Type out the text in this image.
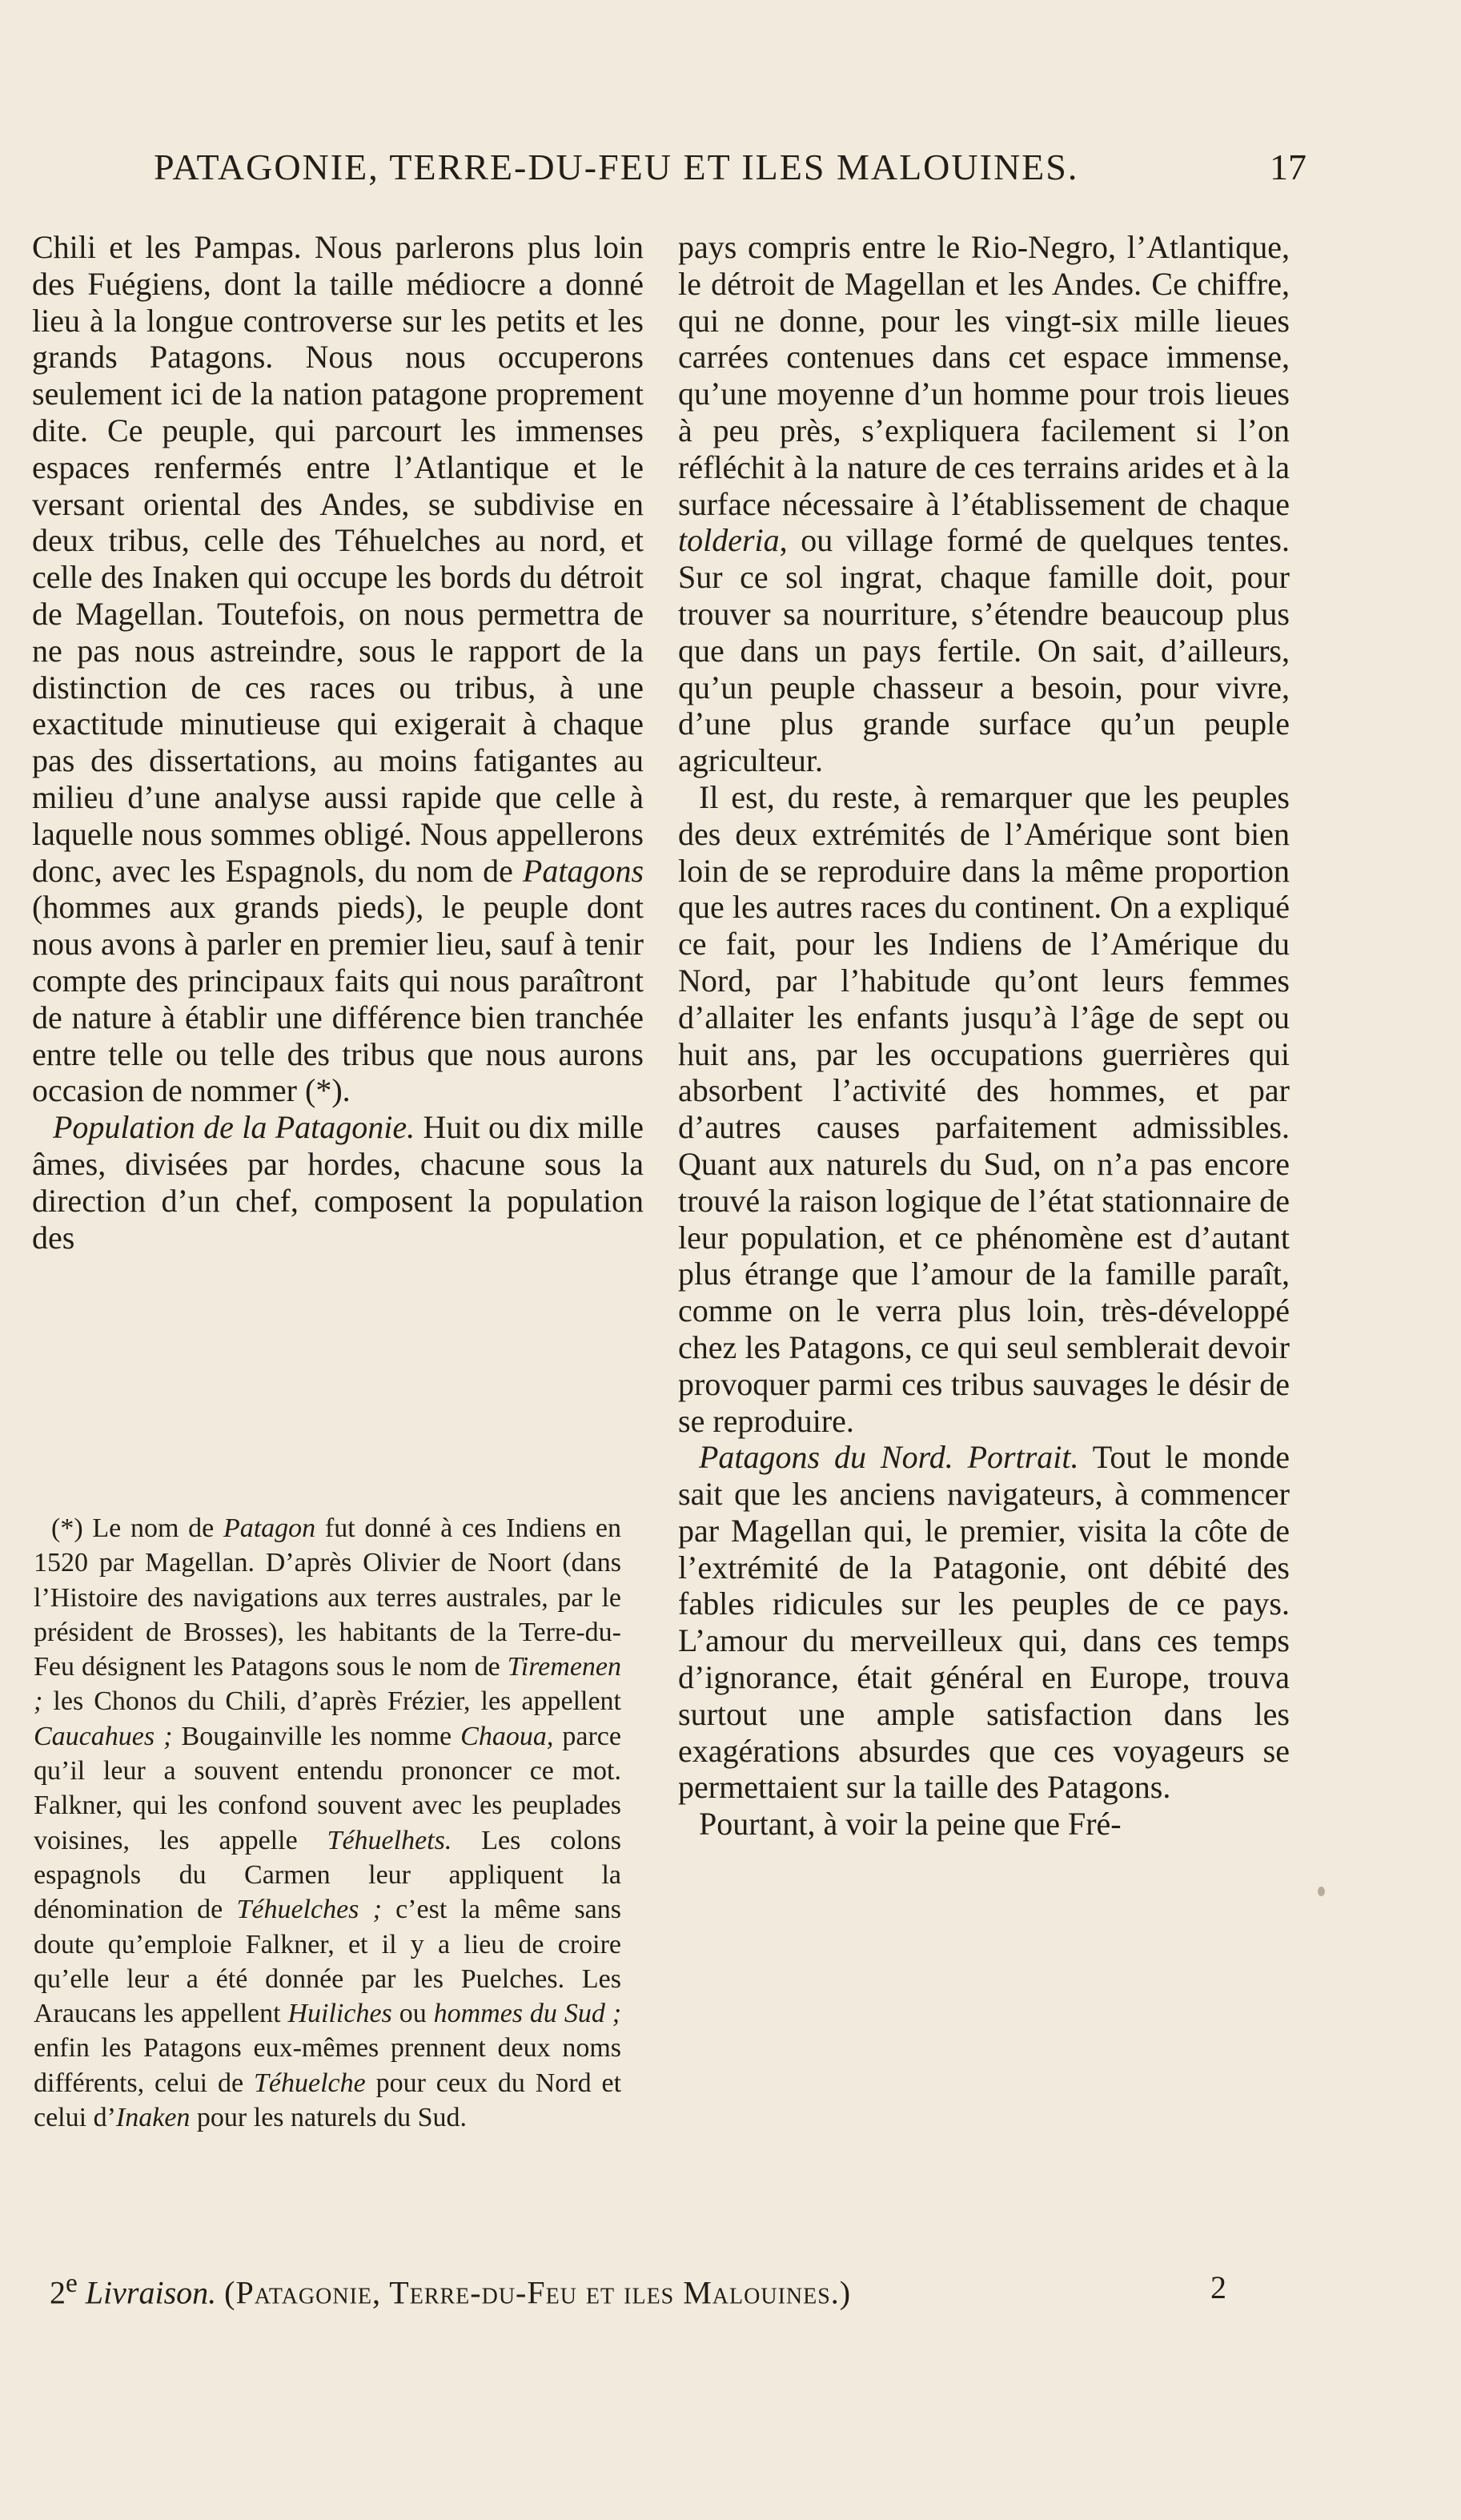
PATAGONIE, TERRE-DU-FEU ET ILES MALOUINES.	17

Chili et les Pampas. Nous parlerons plus loin des Fuégiens, dont la taille médiocre a donné lieu à la longue controverse sur les petits et les grands Patagons. Nous nous occuperons seulement ici de la nation patagone proprement dite. Ce peuple, qui parcourt les immenses espaces renfermés entre l’Atlantique et le versant oriental des Andes, se subdivise en deux tribus, celle des Téhuelches au nord, et celle des Inaken qui occupe les bords du détroit de Magellan. Toutefois, on nous permettra de ne pas nous astreindre, sous le rapport de la distinction de ces races ou tribus, à une exactitude minutieuse qui exigerait à chaque pas des dissertations, au moins fatigantes au milieu d’une analyse aussi rapide que celle à laquelle nous sommes obligé. Nous appellerons donc, avec les Espagnols, du nom de Patagons (hommes aux grands pieds), le peuple dont nous avons à parler en premier lieu, sauf à tenir compte des principaux faits qui nous paraîtront de nature à établir une différence bien tranchée entre telle ou telle des tribus que nous aurons occasion de nommer (*).

Population de la Patagonie. Huit ou dix mille âmes, divisées par hordes, chacune sous la direction d’un chef, composent la population des

(*) Le nom de Patagon fut donné à ces Indiens en 1520 par Magellan. D’après Olivier de Noort (dans l’Histoire des navigations aux terres australes, par le président de Brosses), les habitants de la Terre-du-Feu désignent les Patagons sous le nom de Tiremenen ; les Chonos du Chili, d’après Frézier, les appellent Caucahues ; Bougainville les nomme Chaoua, parce qu’il leur a souvent entendu prononcer ce mot. Falkner, qui les confond souvent avec les peuplades voisines, les appelle Téhuelhets. Les colons espagnols du Carmen leur appliquent la dénomination de Téhuelches ; c’est la même sans doute qu’emploie Falkner, et il y a lieu de croire qu’elle leur a été donnée par les Puelches. Les Araucans les appellent Huiliches ou hommes du Sud ; enfin les Patagons eux-mêmes prennent deux noms différents, celui de Téhuelche pour ceux du Nord et celui d’Inaken pour les naturels du Sud.

pays compris entre le Rio-Negro, l’Atlantique, le détroit de Magellan et les Andes. Ce chiffre, qui ne donne, pour les vingt-six mille lieues carrées contenues dans cet espace immense, qu’une moyenne d’un homme pour trois lieues à peu près, s’expliquera facilement si l’on réfléchit à la nature de ces terrains arides et à la surface nécessaire à l’établissement de chaque tolderia, ou village formé de quelques tentes. Sur ce sol ingrat, chaque famille doit, pour trouver sa nourriture, s’étendre beaucoup plus que dans un pays fertile. On sait, d’ailleurs, qu’un peuple chasseur a besoin, pour vivre, d’une plus grande surface qu’un peuple agriculteur.

Il est, du reste, à remarquer que les peuples des deux extrémités de l’Amérique sont bien loin de se reproduire dans la même proportion que les autres races du continent. On a expliqué ce fait, pour les Indiens de l’Amérique du Nord, par l’habitude qu’ont leurs femmes d’allaiter les enfants jusqu’à l’âge de sept ou huit ans, par les occupations guerrières qui absorbent l’activité des hommes, et par d’autres causes parfaitement admissibles. Quant aux naturels du Sud, on n’a pas encore trouvé la raison logique de l’état stationnaire de leur population, et ce phénomène est d’autant plus étrange que l’amour de la famille paraît, comme on le verra plus loin, très-développé chez les Patagons, ce qui seul semblerait devoir provoquer parmi ces tribus sauvages le désir de se reproduire.

Patagons du Nord. Portrait. Tout le monde sait que les anciens navigateurs, à commencer par Magellan qui, le premier, visita la côte de l’extrémité de la Patagonie, ont débité des fables ridicules sur les peuples de ce pays. L’amour du merveilleux qui, dans ces temps d’ignorance, était général en Europe, trouva surtout une ample satisfaction dans les exagérations absurdes que ces voyageurs se permettaient sur la taille des Patagons.

Pourtant, à voir la peine que Fré-

2e Livraison. (Patagonie, Terre-du-Feu et iles Malouines.)	2
